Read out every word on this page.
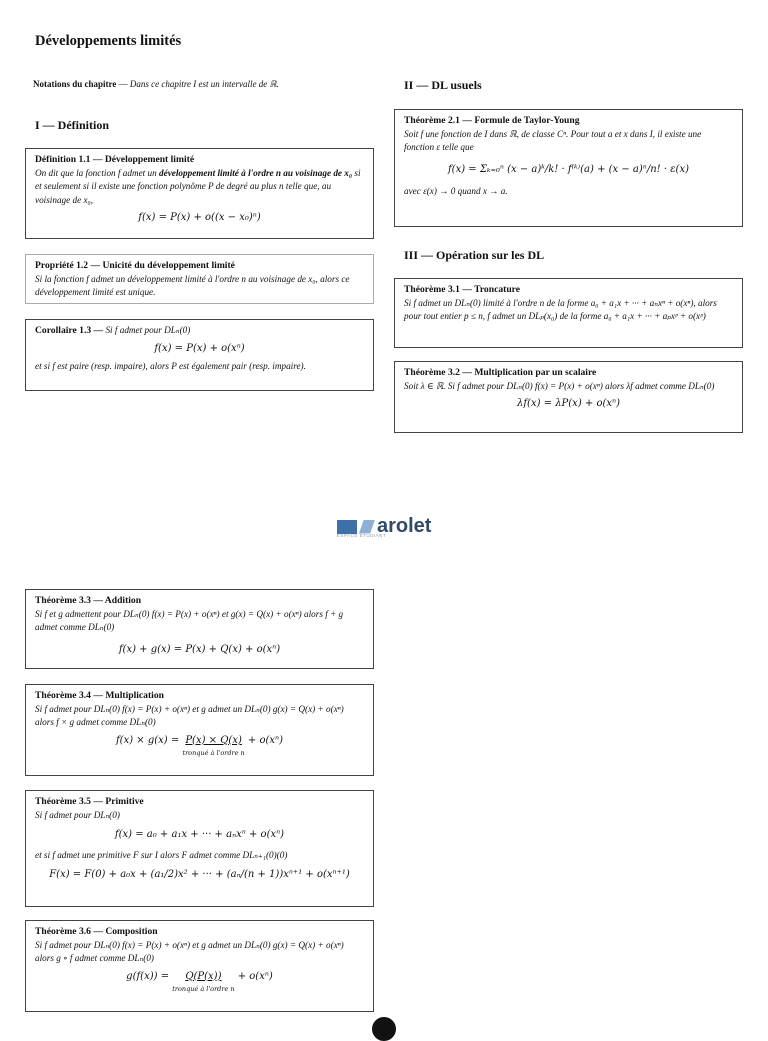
Développements limités
Notations du chapitre — Dans ce chapitre I est un intervalle de ℝ.
I — Définition
II — DL usuels
III — Opération sur les DL
Définition 1.1 — Développement limité
On dit que la fonction f admet un développement limité à l'ordre n au voisinage de x₀ si et seulement si il existe une fonction polynôme P de degré au plus n telle que, au voisinage de x₀,
f(x) = P(x) + o((x − x₀)ⁿ)
Propriété 1.2 — Unicité du développement limité
Si la fonction f admet un développement limité à l'ordre n au voisinage de x₀, alors ce développement limité est unique.
Corollaire 1.3 — Si f admet pour DLₙ(0)
f(x) = P(x) + o(xⁿ)
et si f est paire (resp. impaire), alors P est également pair (resp. impaire).
Théorème 2.1 — Formule de Taylor-Young
Soit f une fonction de I dans ℝ, de classe Cⁿ. Pour tout a et x dans I, il existe une fonction ε telle que
f(x) = Σₖ₌₀ⁿ (x − a)ᵏ/k! · f⁽ᵏ⁾(a) + (x − a)ⁿ/n! · ε(x)
avec ε(x) → 0 quand x → a.
Théorème 3.1 — Troncature
Si f admet un DLₙ(0) limité à l'ordre n de la forme a₀ + a₁x + ··· + aₙxⁿ + o(xⁿ), alors pour tout entier p ≤ n, f admet un DLₚ(x₀) de la forme a₀ + a₁x + ··· + aₚxᵖ + o(xᵖ)
Théorème 3.2 — Multiplication par un scalaire
Soit λ ∈ ℝ. Si f admet pour DLₙ(0) f(x) = P(x) + o(xⁿ) alors λf admet comme DLₙ(0)
λf(x) = λP(x) + o(xⁿ)
arolet
ESPACE ÉTUDIANT
Théorème 3.3 — Addition
Si f et g admettent pour DLₙ(0) f(x) = P(x) + o(xⁿ) et g(x) = Q(x) + o(xⁿ) alors f + g admet comme DLₙ(0)
f(x) + g(x) = P(x) + Q(x) + o(xⁿ)
Théorème 3.4 — Multiplication
Si f admet pour DLₙ(0) f(x) = P(x) + o(xⁿ) et g admet un DLₙ(0) g(x) = Q(x) + o(xⁿ) alors f × g admet comme DLₙ(0)
f(x) × g(x) = P(x) × Q(x)
tronqué à l'ordre n
+ o(xⁿ)
Théorème 3.5 — Primitive
Si f admet pour DLₙ(0)
f(x) = a₀ + a₁x + ··· + aₙxⁿ + o(xⁿ)
et si f admet une primitive F sur I alors F admet comme DLₙ₊₁(0)(0)
F(x) = F(0) + a₀x + (a₁/2)x² + ··· + (aₙ/(n + 1))xⁿ⁺¹ + o(xⁿ⁺¹)
Théorème 3.6 — Composition
Si f admet pour DLₙ(0) f(x) = P(x) + o(xⁿ) et g admet un DLₙ(0) g(x) = Q(x) + o(xⁿ) alors g ∘ f admet comme DLₙ(0)
g(f(x)) = Q(P(x))
tronqué à l'ordre n
+ o(xⁿ)
